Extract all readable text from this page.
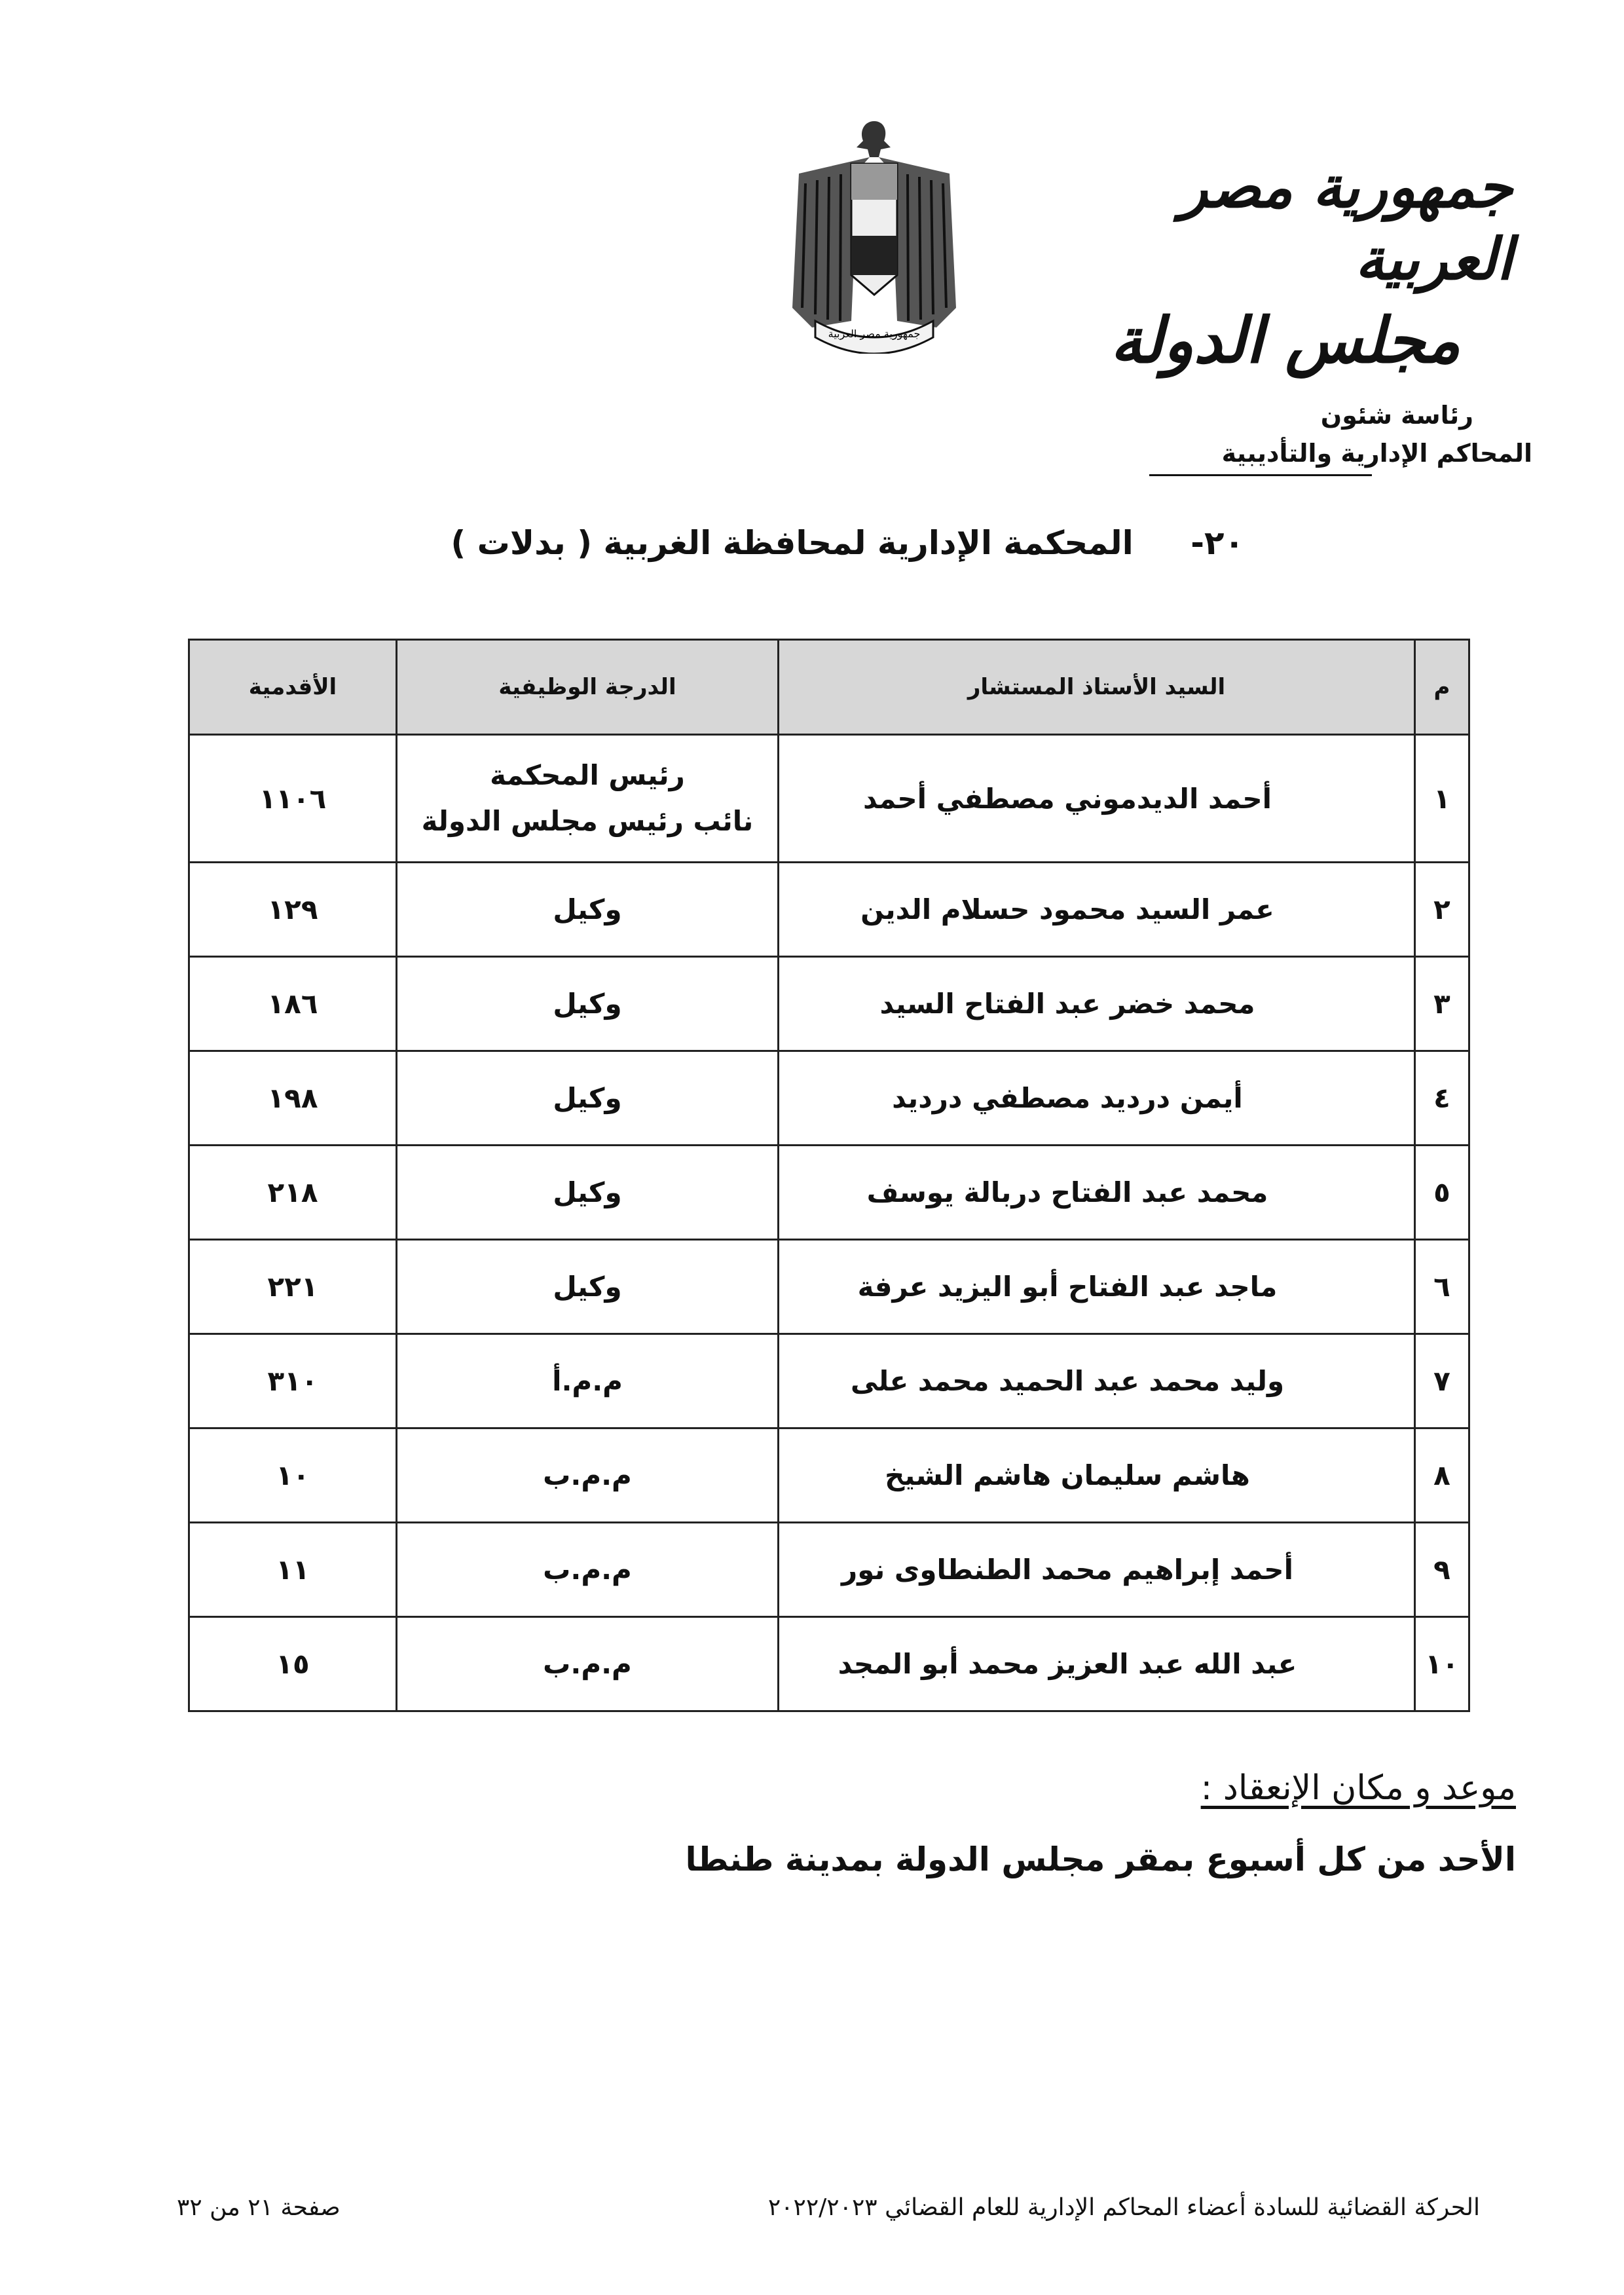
جمهورية مصر العربية
جمهورية مصر العربية
مجلس الدولة
رئاسة شئون
المحاكم الإدارية والتأديبية
٢٠- المحكمة الإدارية لمحافظة الغربية ( بدلات )
م	السيد الأستاذ المستشار	الدرجة الوظيفية	الأقدمية
١	أحمد الديدموني مصطفي أحمد	رئيس المحكمة
نائب رئيس مجلس الدولة	١١٠٦
٢	عمر السيد محمود حسلام الدين	وكيل	١٢٩
٣	محمد خضر عبد الفتاح السيد	وكيل	١٨٦
٤	أيمن درديد مصطفي درديد	وكيل	١٩٨
٥	محمد عبد الفتاح دربالة يوسف	وكيل	٢١٨
٦	ماجد عبد الفتاح أبو اليزيد عرفة	وكيل	٢٢١
٧	وليد محمد عبد الحميد محمد على	م.م.أ	٣١٠
٨	هاشم سليمان هاشم الشيخ	م.م.ب	١٠
٩	أحمد إبراهيم محمد الطنطاوى نور	م.م.ب	١١
١٠	عبد الله عبد العزيز محمد أبو المجد	م.م.ب	١٥
موعد و مكان الإنعقاد :
الأحد من كل أسبوع بمقر مجلس الدولة بمدينة طنطا
صفحة ٢١ من ٣٢	الحركة القضائية للسادة أعضاء المحاكم الإدارية للعام القضائي ٢٠٢٢/٢٠٢٣
